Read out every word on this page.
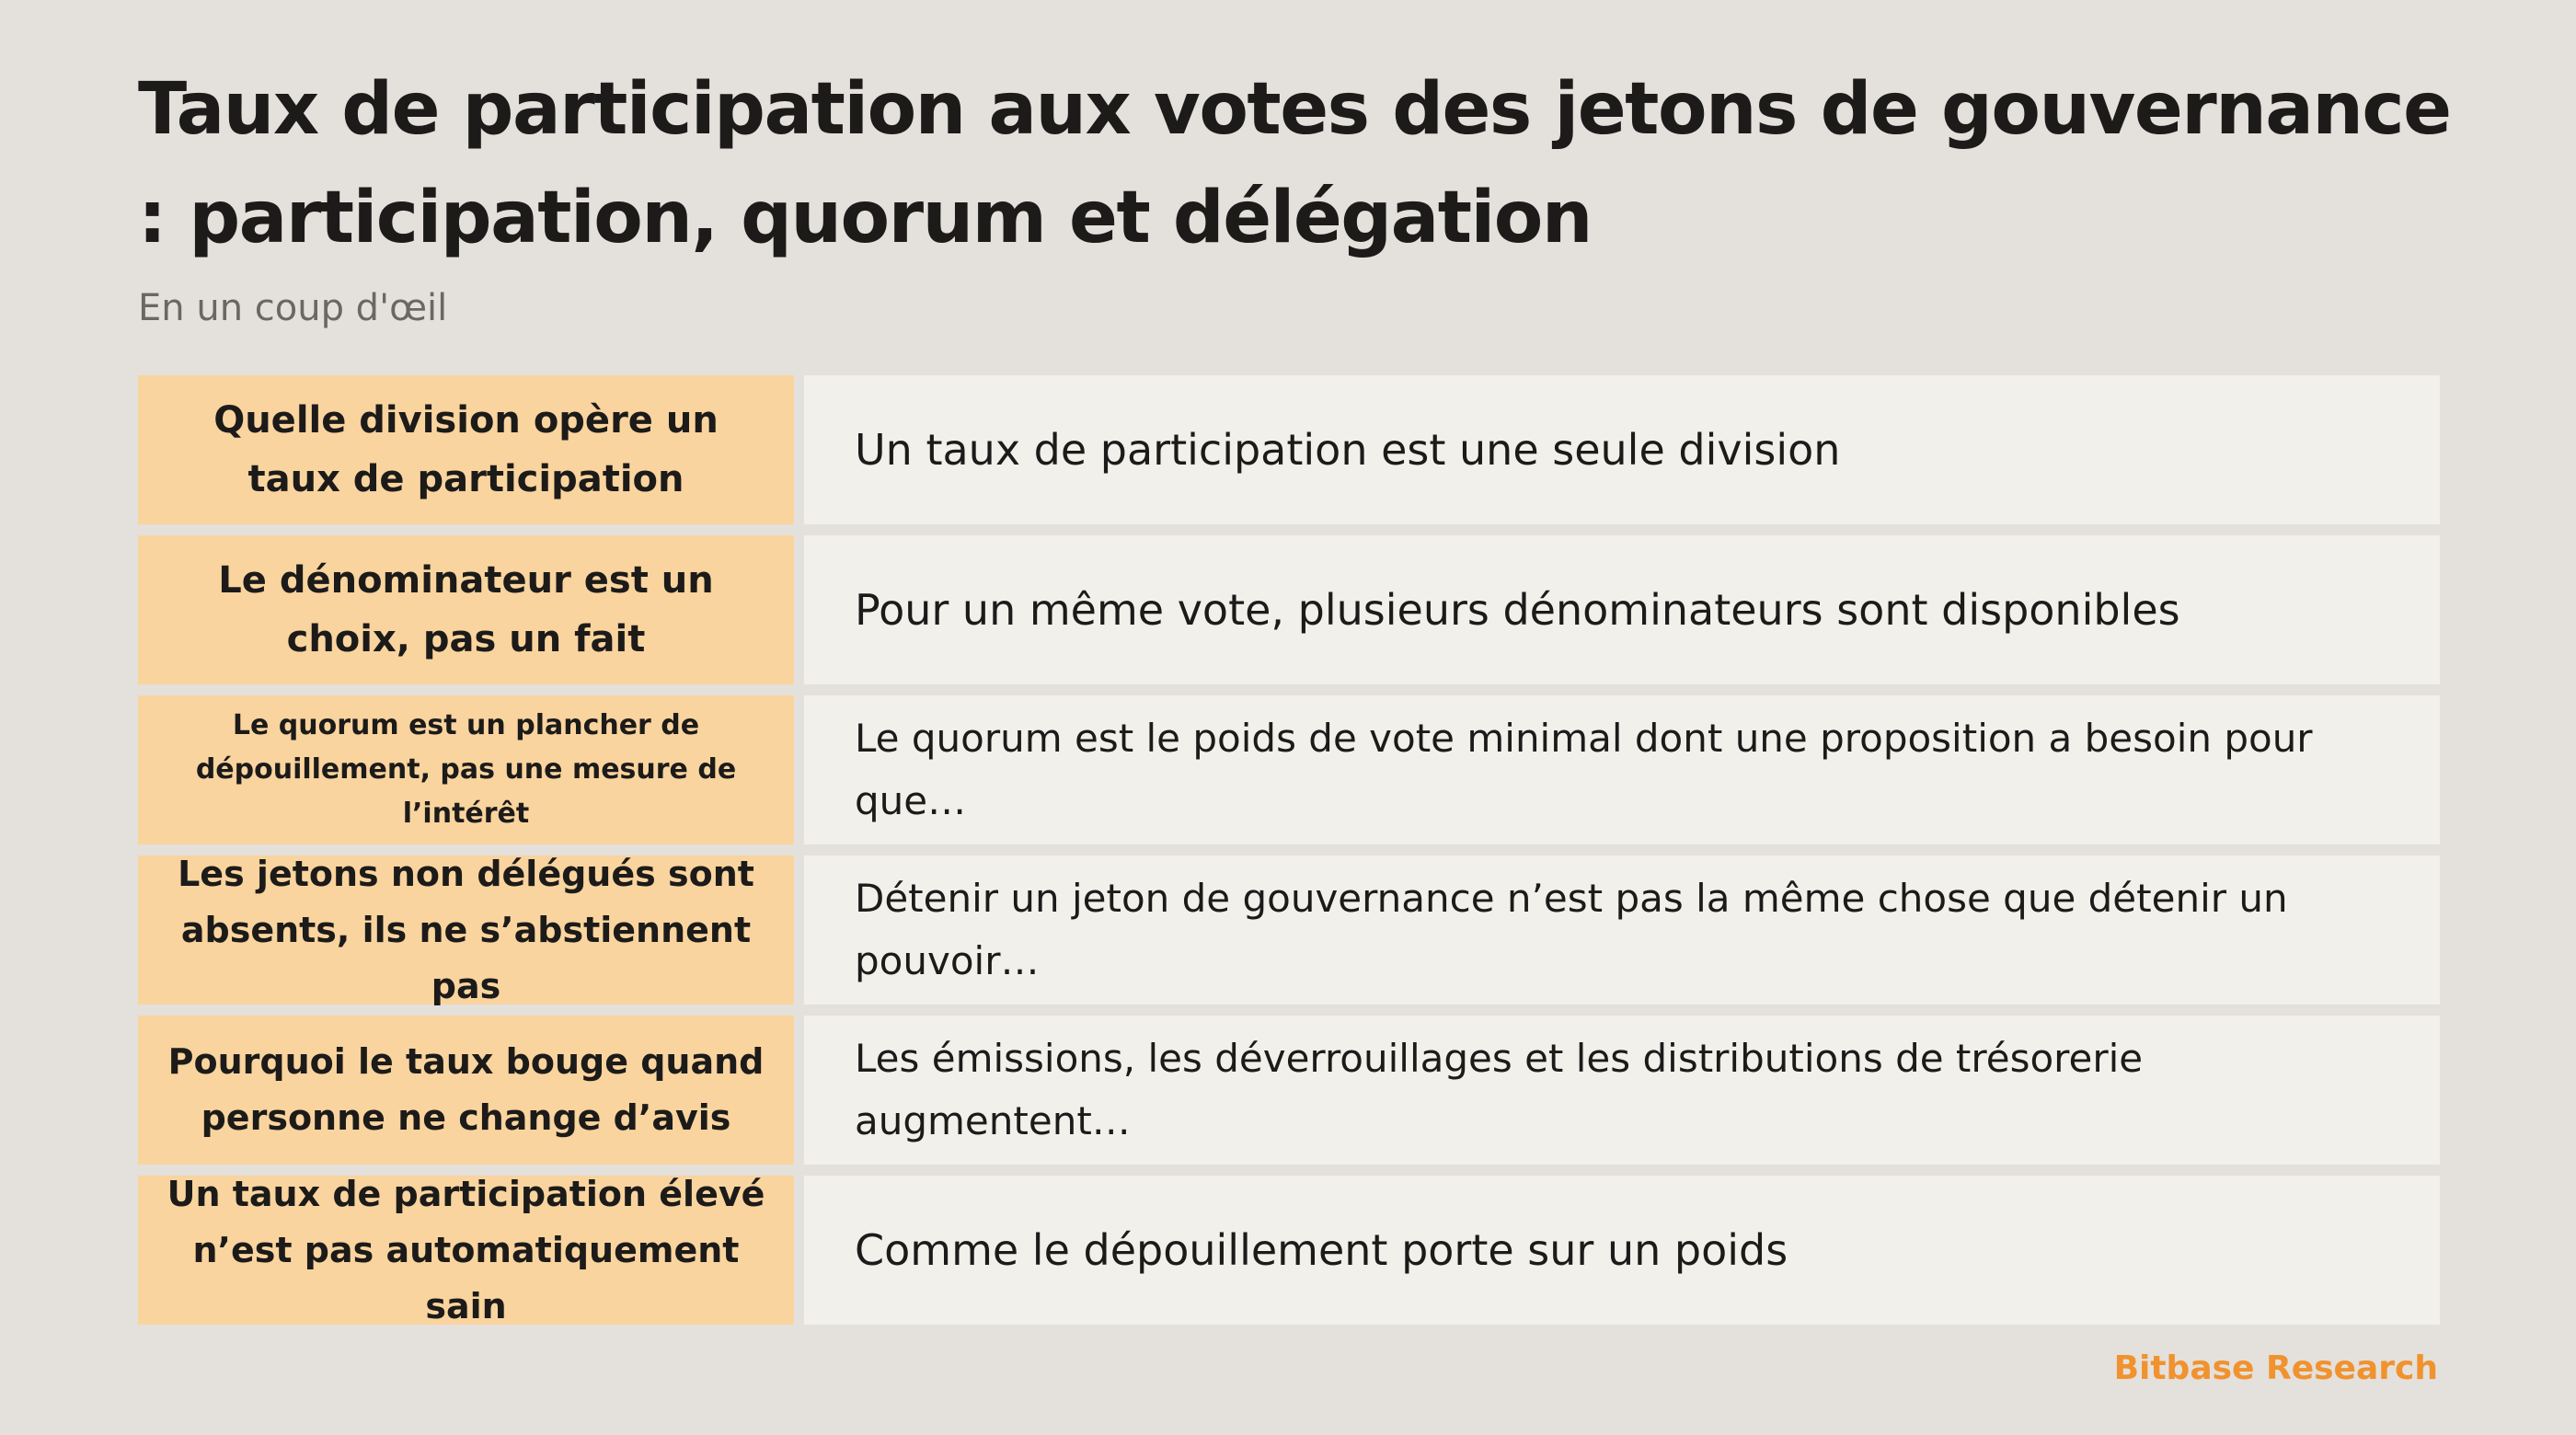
Taux de participation aux votes des jetons de gouvernance : participation, quorum et délégation

En un coup d'œil

Quelle division opère un taux de participation
Un taux de participation est une seule division
Le dénominateur est un choix, pas un fait
Pour un même vote, plusieurs dénominateurs sont disponibles
Le quorum est un plancher de dépouillement, pas une mesure de l’intérêt
Le quorum est le poids de vote minimal dont une proposition a besoin pour que…
Les jetons non délégués sont absents, ils ne s’abstiennent pas
Détenir un jeton de gouvernance n’est pas la même chose que détenir un pouvoir…
Pourquoi le taux bouge quand personne ne change d’avis
Les émissions, les déverrouillages et les distributions de trésorerie augmentent…
Un taux de participation élevé n’est pas automatiquement sain
Comme le dépouillement porte sur un poids
Bitbase Research
